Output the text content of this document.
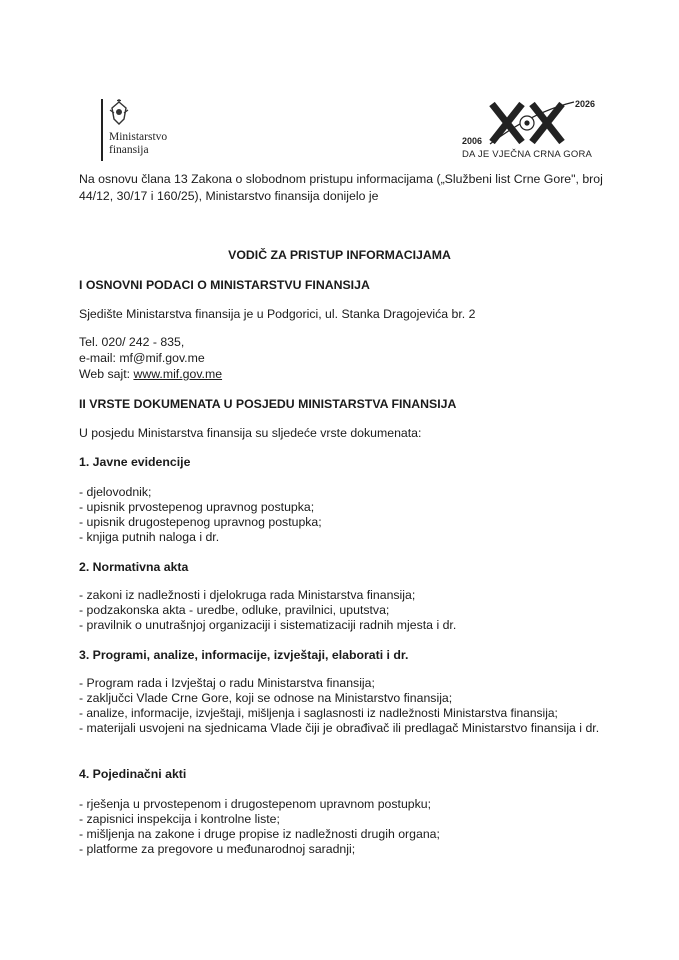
Ministarstvo
finansija
2026
2006
DA JE VJEČNA CRNA GORA
Na osnovu člana 13 Zakona o slobodnom pristupu informacijama („Službeni list Crne Gore", broj 44/12, 30/17 i 160/25), Ministarstvo finansija donijelo je
VODIČ ZA PRISTUP INFORMACIJAMA
I OSNOVNI PODACI O MINISTARSTVU FINANSIJA
Sjedište Ministarstva finansija je u Podgorici, ul. Stanka Dragojevića br. 2
Tel. 020/ 242 - 835,
e-mail: mf@mif.gov.me
Web sajt: www.mif.gov.me
II VRSTE DOKUMENATA U POSJEDU MINISTARSTVA FINANSIJA
U posjedu Ministarstva finansija su sljedeće vrste dokumenata:
1. Javne evidencije
- djelovodnik;
- upisnik prvostepenog upravnog postupka;
- upisnik drugostepenog upravnog postupka;
- knjiga putnih naloga i dr.
2. Normativna akta
- zakoni iz nadležnosti i djelokruga rada Ministarstva finansija;
- podzakonska akta - uredbe, odluke, pravilnici, uputstva;
- pravilnik o unutrašnjoj organizaciji i sistematizaciji radnih mjesta i dr.
3. Programi, analize, informacije, izvještaji, elaborati i dr.
- Program rada i Izvještaj o radu Ministarstva finansija;
- zaključci Vlade Crne Gore, koji se odnose na Ministarstvo finansija;
- analize, informacije, izvještaji, mišljenja i saglasnosti iz nadležnosti Ministarstva finansija;
- materijali usvojeni na sjednicama Vlade čiji je obrađivač ili predlagač Ministarstvo finansija i dr.
4. Pojedinačni akti
- rješenja u prvostepenom i drugostepenom upravnom postupku;
- zapisnici inspekcija i kontrolne liste;
- mišljenja na zakone i druge propise iz nadležnosti drugih organa;
- platforme za pregovore u međunarodnoj saradnji;
